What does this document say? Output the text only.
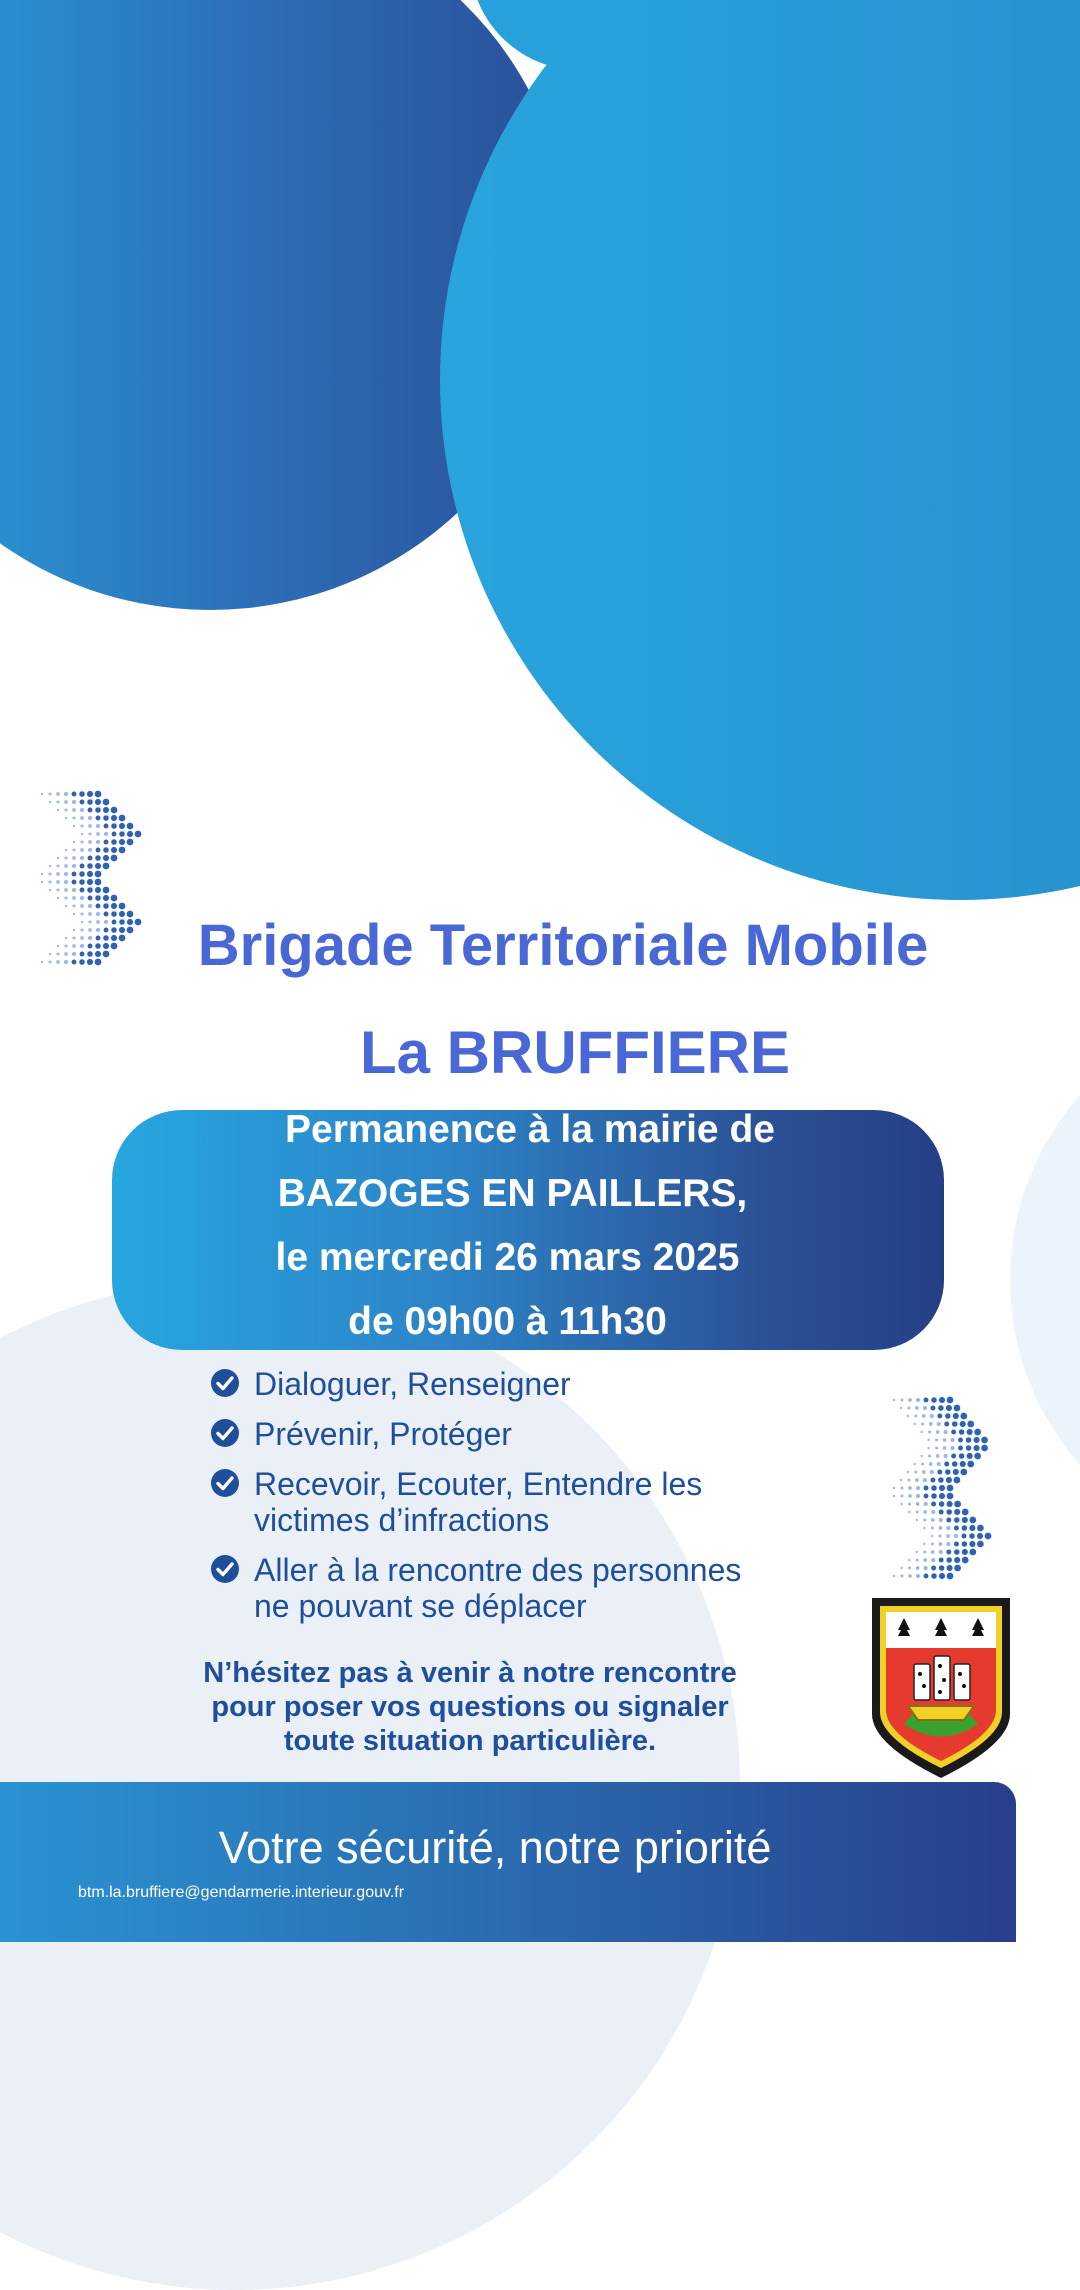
Brigade Territoriale Mobile
La BRUFFIERE
Permanence à la mairie de
BAZOGES EN PAILLERS,
le mercredi 26 mars 2025
de 09h00 à 11h30
Dialoguer, Renseigner
Prévenir, Protéger
Recevoir, Ecouter, Entendre les
victimes d’infractions
Aller à la rencontre des personnes
ne pouvant se déplacer
N’hésitez pas à venir à notre rencontre
pour poser vos questions ou signaler
toute situation particulière.
Votre sécurité, notre priorité
btm.la.bruffiere@gendarmerie.interieur.gouv.fr
